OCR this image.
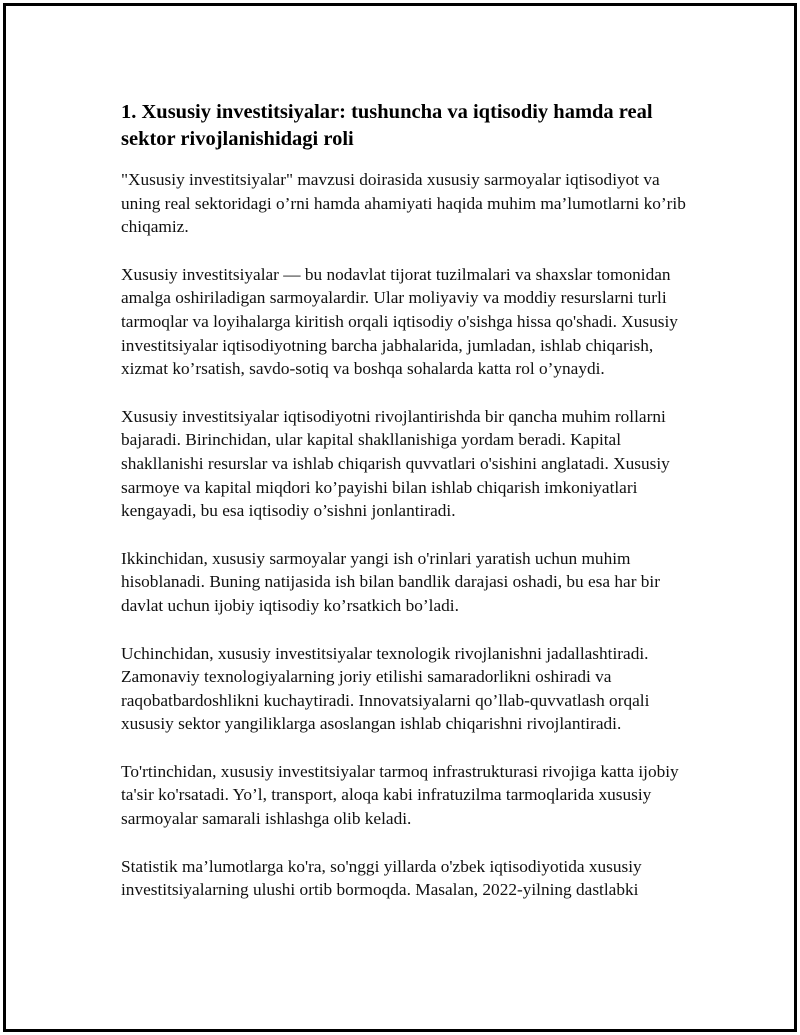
1. Xususiy investitsiyalar: tushuncha va iqtisodiy hamda real sektor rivojlanishidagi roli

"Xususiy investitsiyalar" mavzusi doirasida xususiy sarmoyalar iqtisodiyot va uning real sektoridagi o’rni hamda ahamiyati haqida muhim ma’lumotlarni ko’rib chiqamiz.

Xususiy investitsiyalar — bu nodavlat tijorat tuzilmalari va shaxslar tomonidan amalga oshiriladigan sarmoyalardir. Ular moliyaviy va moddiy resurslarni turli tarmoqlar va loyihalarga kiritish orqali iqtisodiy o'sishga hissa qo'shadi. Xususiy investitsiyalar iqtisodiyotning barcha jabhalarida, jumladan, ishlab chiqarish, xizmat ko’rsatish, savdo-sotiq va boshqa sohalarda katta rol o’ynaydi.

Xususiy investitsiyalar iqtisodiyotni rivojlantirishda bir qancha muhim rollarni bajaradi. Birinchidan, ular kapital shakllanishiga yordam beradi. Kapital shakllanishi resurslar va ishlab chiqarish quvvatlari o'sishini anglatadi. Xususiy sarmoye va kapital miqdori ko’payishi bilan ishlab chiqarish imkoniyatlari kengayadi, bu esa iqtisodiy o’sishni jonlantiradi.

Ikkinchidan, xususiy sarmoyalar yangi ish o'rinlari yaratish uchun muhim hisoblanadi. Buning natijasida ish bilan bandlik darajasi oshadi, bu esa har bir davlat uchun ijobiy iqtisodiy ko’rsatkich bo’ladi.

Uchinchidan, xususiy investitsiyalar texnologik rivojlanishni jadallashtiradi. Zamonaviy texnologiyalarning joriy etilishi samaradorlikni oshiradi va raqobatbardoshlikni kuchaytiradi. Innovatsiyalarni qo’llab-quvvatlash orqali xususiy sektor yangiliklarga asoslangan ishlab chiqarishni rivojlantiradi.

To'rtinchidan, xususiy investitsiyalar tarmoq infrastrukturasi rivojiga katta ijobiy ta'sir ko'rsatadi. Yo’l, transport, aloqa kabi infratuzilma tarmoqlarida xususiy sarmoyalar samarali ishlashga olib keladi.

Statistik ma’lumotlarga ko'ra, so'nggi yillarda o'zbek iqtisodiyotida xususiy investitsiyalarning ulushi ortib bormoqda. Masalan, 2022-yilning dastlabki
